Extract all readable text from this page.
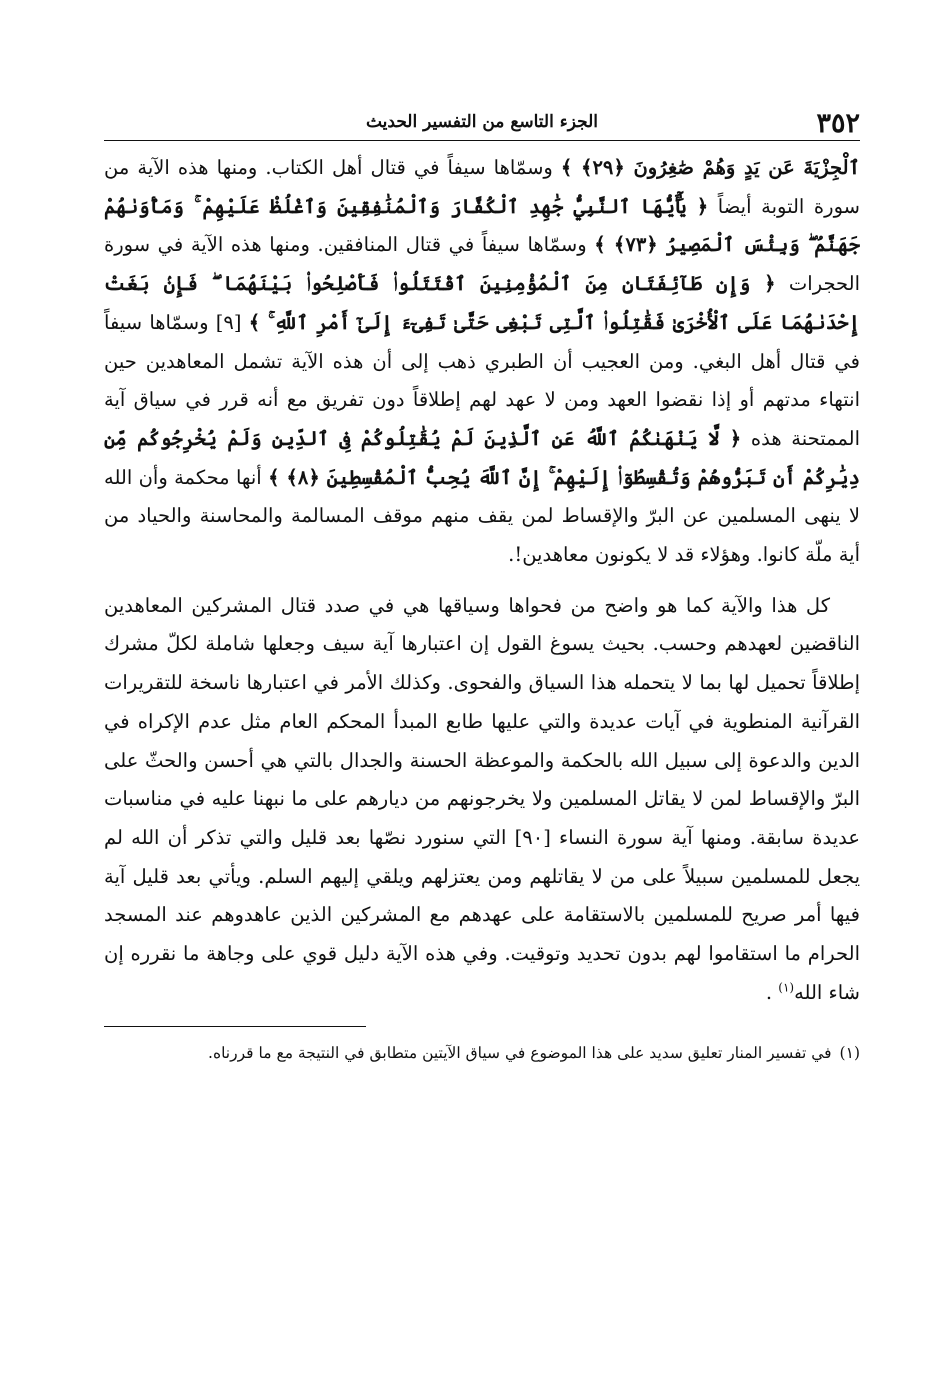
٣٥٢
الجزء التاسع من التفسير الحديث

ٱلْجِزْيَةَ عَن يَدٍ وَهُمْ صَٰغِرُونَ ﴿٢٩﴾ ﴾ وسمّاها سيفاً في قتال أهل الكتاب. ومنها هذه الآية من سورة التوبة أيضاً ﴿ يَٰٓأَيُّهَا ٱلنَّبِيُّ جَٰهِدِ ٱلْكُفَّارَ وَٱلْمُنَٰفِقِينَ وَٱغْلُظْ عَلَيْهِمْ ۚ وَمَأْوَىٰهُمْ جَهَنَّمُ ۖ وَبِئْسَ ٱلْمَصِيرُ ﴿٧٣﴾ ﴾ وسمّاها سيفاً في قتال المنافقين. ومنها هذه الآية في سورة الحجرات ﴿ وَإِن طَآئِفَتَانِ مِنَ ٱلْمُؤْمِنِينَ ٱقْتَتَلُوا۟ فَأَصْلِحُوا۟ بَيْنَهُمَا ۖ فَإِنۢ بَغَتْ إِحْدَىٰهُمَا عَلَى ٱلْأُخْرَىٰ فَقَٰتِلُوا۟ ٱلَّتِى تَبْغِى حَتَّىٰ تَفِىٓءَ إِلَىٰٓ أَمْرِ ٱللَّهِ ۚ ﴾ [٩] وسمّاها سيفاً في قتال أهل البغي. ومن العجيب أن الطبري ذهب إلى أن هذه الآية تشمل المعاهدين حين انتهاء مدتهم أو إذا نقضوا العهد ومن لا عهد لهم إطلاقاً دون تفريق مع أنه قرر في سياق آية الممتحنة هذه ﴿ لَّا يَنْهَىٰكُمُ ٱللَّهُ عَنِ ٱلَّذِينَ لَمْ يُقَٰتِلُوكُمْ فِى ٱلدِّينِ وَلَمْ يُخْرِجُوكُم مِّن دِيَٰرِكُمْ أَن تَبَرُّوهُمْ وَتُقْسِطُوٓا۟ إِلَيْهِمْ ۚ إِنَّ ٱللَّهَ يُحِبُّ ٱلْمُقْسِطِينَ ﴿٨﴾ ﴾ أنها محكمة وأن الله لا ينهى المسلمين عن البرّ والإقساط لمن يقف منهم موقف المسالمة والمحاسنة والحياد من أية ملّة كانوا. وهؤلاء قد لا يكونون معاهدين!.

كل هذا والآية كما هو واضح من فحواها وسياقها هي في صدد قتال المشركين المعاهدين الناقضين لعهدهم وحسب. بحيث يسوغ القول إن اعتبارها آية سيف وجعلها شاملة لكلّ مشرك إطلاقاً تحميل لها بما لا يتحمله هذا السياق والفحوى. وكذلك الأمر في اعتبارها ناسخة للتقريرات القرآنية المنطوية في آيات عديدة والتي عليها طابع المبدأ المحكم العام مثل عدم الإكراه في الدين والدعوة إلى سبيل الله بالحكمة والموعظة الحسنة والجدال بالتي هي أحسن والحثّ على البرّ والإقساط لمن لا يقاتل المسلمين ولا يخرجونهم من ديارهم على ما نبهنا عليه في مناسبات عديدة سابقة. ومنها آية سورة النساء [٩٠] التي سنورد نصّها بعد قليل والتي تذكر أن الله لم يجعل للمسلمين سبيلاً على من لا يقاتلهم ومن يعتزلهم ويلقي إليهم السلم. ويأتي بعد قليل آية فيها أمر صريح للمسلمين بالاستقامة على عهدهم مع المشركين الذين عاهدوهم عند المسجد الحرام ما استقاموا لهم بدون تحديد وتوقيت. وفي هذه الآية دليل قوي على وجاهة ما نقرره إن شاء الله$^{(١)}$ .

(١)في تفسير المنار تعليق سديد على هذا الموضوع في سياق الآيتين متطابق في النتيجة مع ما قررناه.
